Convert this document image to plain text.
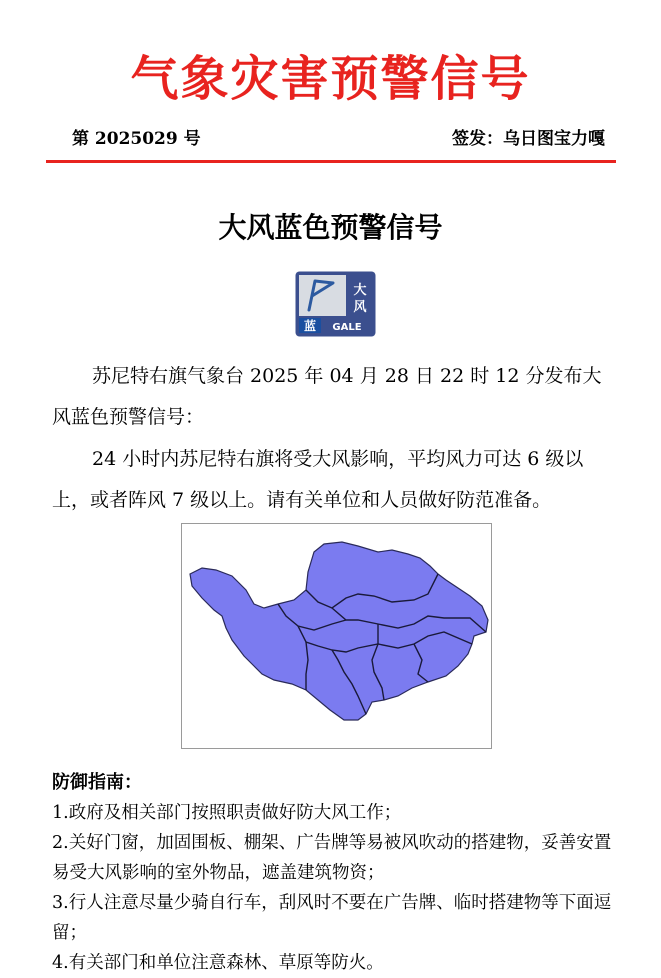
气象灾害预警信号
第 2025029 号	签发：乌日图宝力嘎
大风蓝色预警信号
大
风
蓝 GALE
苏尼特右旗气象台 2025 年 04 月 28 日 22 时 12 分发布大风蓝色预警信号：
24 小时内苏尼特右旗将受大风影响，平均风力可达 6 级以上，或者阵风 7 级以上。请有关单位和人员做好防范准备。
防御指南：
1.政府及相关部门按照职责做好防大风工作；
2.关好门窗，加固围板、棚架、广告牌等易被风吹动的搭建物，妥善安置易受大风影响的室外物品，遮盖建筑物资；
3.行人注意尽量少骑自行车，刮风时不要在广告牌、临时搭建物等下面逗留；
4.有关部门和单位注意森林、草原等防火。
